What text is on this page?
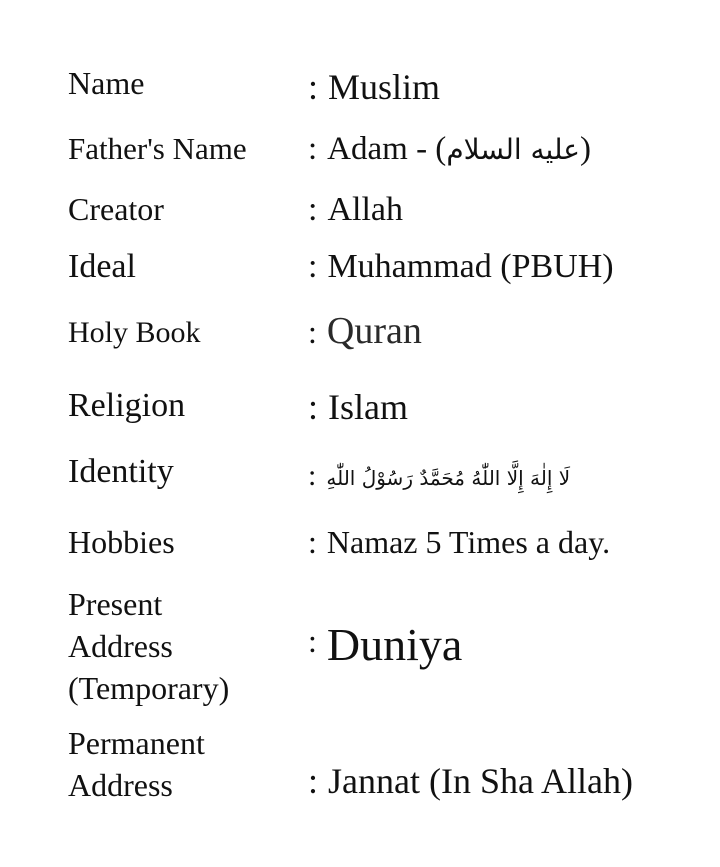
Name	: Muslim
Father's Name : Adam - (عليه السلام)
Creator	: Allah
Ideal	: Muhammad (PBUH)
Holy Book	: Quran
Religion	: Islam
Identity	: لَا إِلٰهَ إِلَّا اللّٰهُ مُحَمَّدٌ رَسُوْلُ اللّٰهِ
Hobbies	: Namaz 5 Times a day.
Present
Address
(Temporary)
: Duniya
Permanent
Address	: Jannat (In Sha Allah)
